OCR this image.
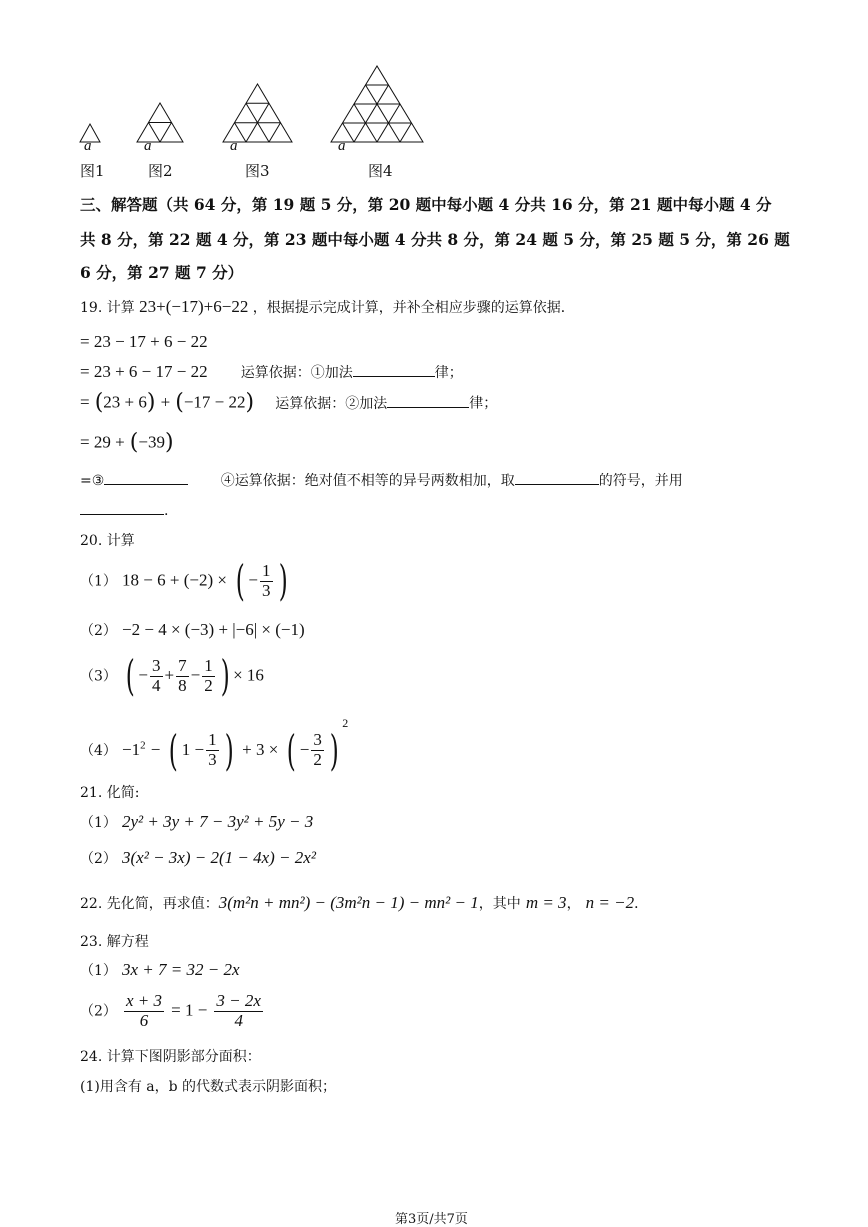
a	a	a	a
图1	图2	图3	图4
三、解答题（共 64 分，第 19 题 5 分，第 20 题中每小题 4 分共 16 分，第 21 题中每小题 4 分
共 8 分，第 22 题 4 分，第 23 题中每小题 4 分共 8 分，第 24 题 5 分，第 25 题 5 分，第 26 题
6 分，第 27 题 7 分）
19. 计算 23+(−17)+6−22 ，根据提示完成计算，并补全相应步骤的运算依据．
= 23 − 17 + 6 − 22
= 23 + 6 − 17 − 22 运算依据：①加法	律；
= (23 + 6) + (−17 − 22) 运算依据：②加法	律；
= 29 + (−39)
=③	④运算依据：绝对值不相等的异号两数相加，取	的符号，并用
.
20. 计算
（1） 18 − 6 + (−2) × ( − $\frac{1}{3}$ )
（2） −2 − 4 × (−3) + |−6| × (−1)
（3） ( − $\frac{3}{4} + \frac{7}{8} - \frac{1}{2}$ ) × 16
$(4) -1^2$ − ( $1 - \frac{1}{3}$ ) + 3 × ( − $\frac{3}{2} )^2$
21. 化简:
（1） 2y² + 3y + 7 − 3y² + 5y − 3
（2） 3(x² − 3x) − 2(1 − 4x) − 2x²
22. 先化简，再求值：3(m²n + mn²) − (3m²n − 1) − mn² − 1，其中 m = 3， n = −2．
23. 解方程
（1） 3x + 7 = 32 − 2x
$(2) \frac{x + 3}{6} = 1 - \frac{3 - 2x}{4}$
24. 计算下图阴影部分面积：
(1)用含有 a，b 的代数式表示阴影面积；
第3页/共7页
